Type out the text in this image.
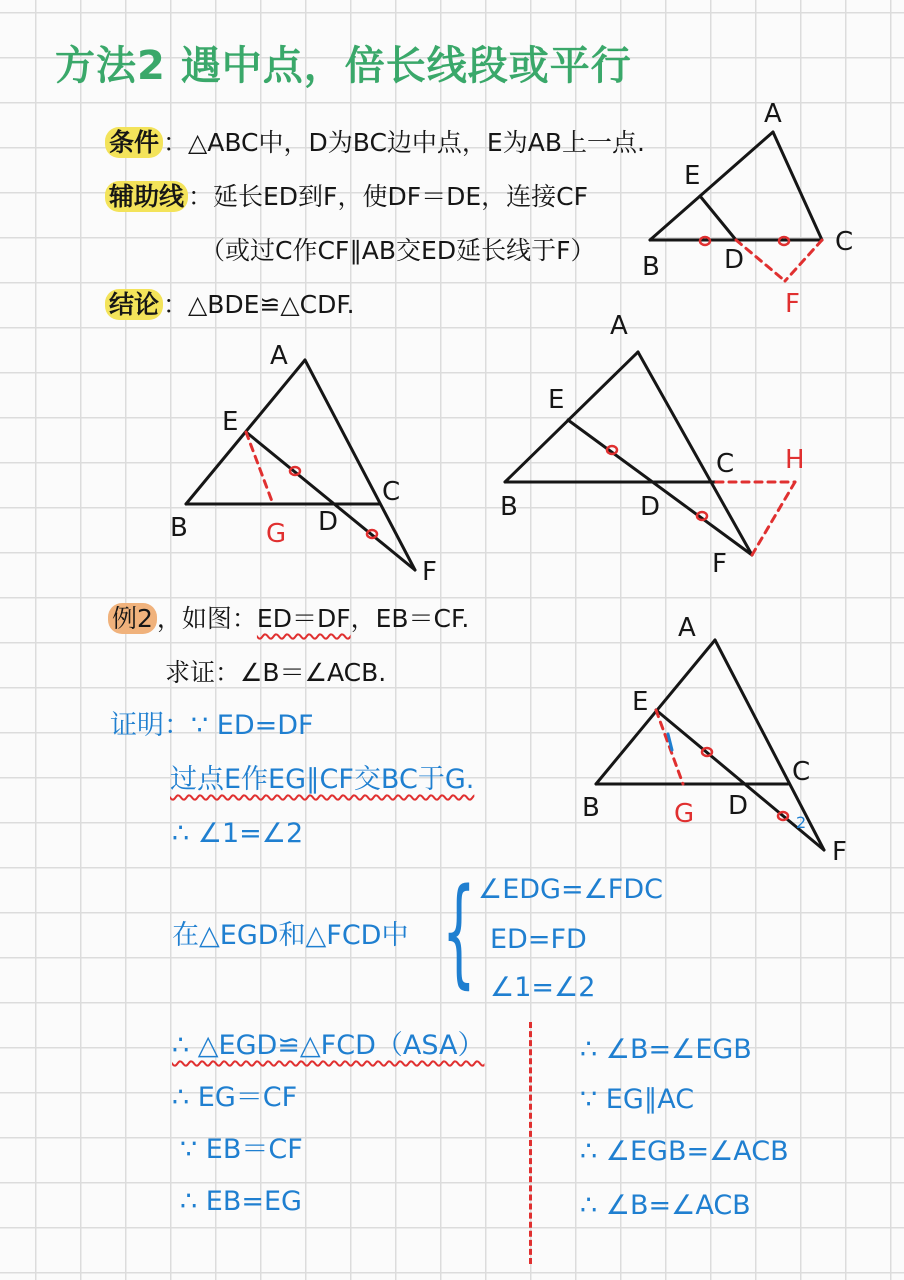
方法2 遇中点，倍长线段或平行
条件 ：△ABC中，D为BC边中点，E为AB上一点.
辅助线 ：延长ED到F，使DF＝DE，连接CF
（或过C作CF∥AB交ED延长线于F）
结论 ：△BDE≌△CDF.
A
E
B D
C
F
A
E
B	G D
C
F
A
E
B	D
C H
F
例2 ，如图：ED＝DF，EB＝CF.
求证：∠B＝∠ACB.
2
A
E
B	G D
C
F
证明：∵ ED=DF
过点E作EG∥CF交BC于G.
∴ ∠1=∠2
在△EGD和△FCD中 { ∠EDG=∠FDC
ED=FD
∠1=∠2
∴ △EGD≌△FCD（ASA）
∴ EG＝CF
∵ EB＝CF
∴ EB=EG
∴ ∠B=∠EGB
∵ EG∥AC
∴ ∠EGB=∠ACB
∴ ∠B=∠ACB
